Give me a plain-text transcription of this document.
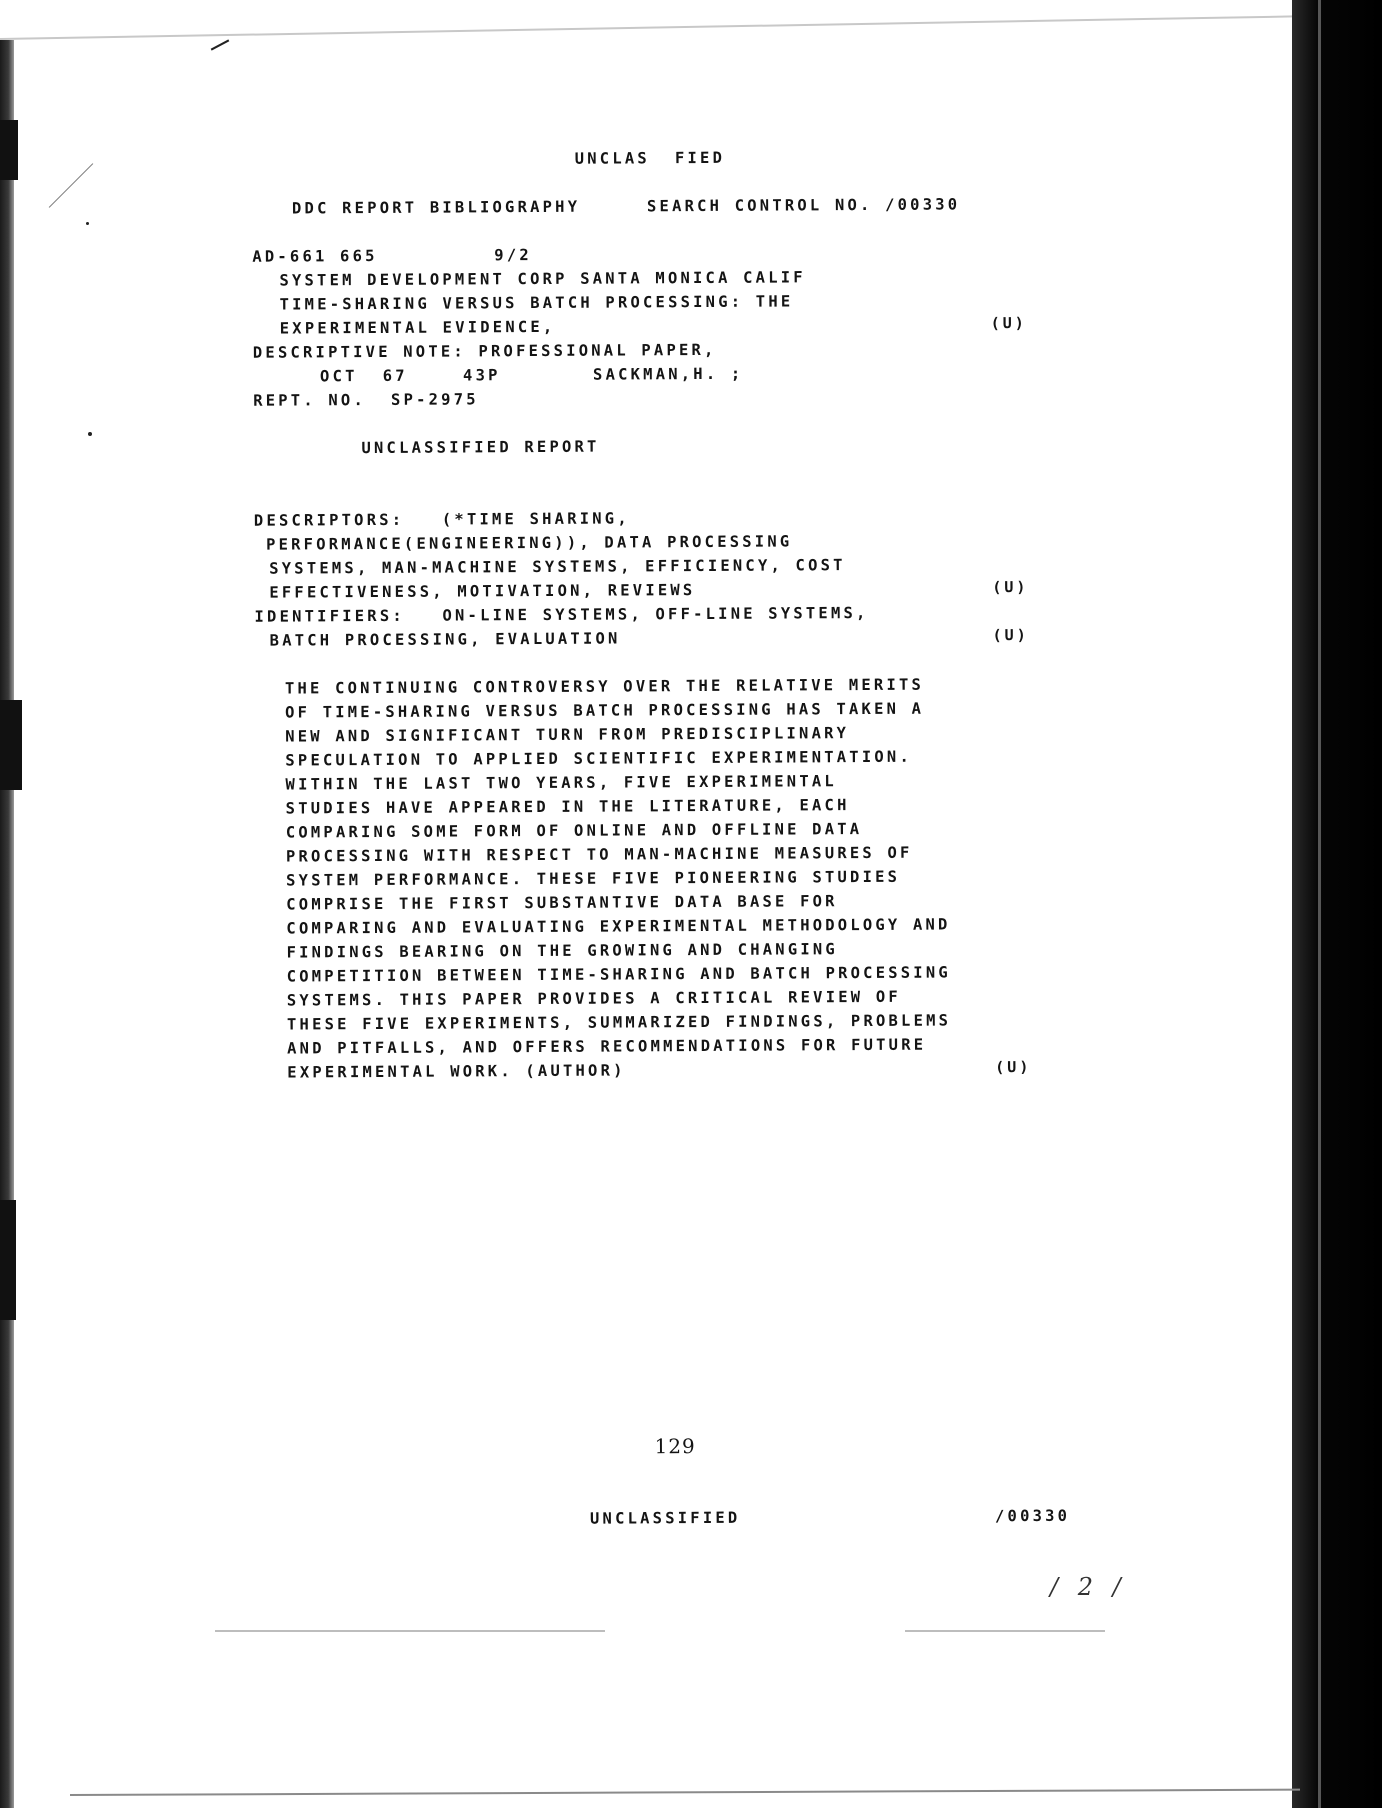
UNCLAS  FIED
DDC REPORT BIBLIOGRAPHY	SEARCH CONTROL NO. /00330
AD-661 665	9/2
SYSTEM DEVELOPMENT CORP SANTA MONICA CALIF
TIME-SHARING VERSUS BATCH PROCESSING: THE
EXPERIMENTAL EVIDENCE,	(U)
DESCRIPTIVE NOTE: PROFESSIONAL PAPER,
OCT  67	43P	SACKMAN,H. ;
REPT. NO.  SP-2975
UNCLASSIFIED REPORT
DESCRIPTORS:   (*TIME SHARING,
PERFORMANCE(ENGINEERING)), DATA PROCESSING
SYSTEMS, MAN-MACHINE SYSTEMS, EFFICIENCY, COST
EFFECTIVENESS, MOTIVATION, REVIEWS	(U)
IDENTIFIERS:   ON-LINE SYSTEMS, OFF-LINE SYSTEMS,
BATCH PROCESSING, EVALUATION	(U)
THE CONTINUING CONTROVERSY OVER THE RELATIVE MERITS
OF TIME-SHARING VERSUS BATCH PROCESSING HAS TAKEN A
NEW AND SIGNIFICANT TURN FROM PREDISCIPLINARY
SPECULATION TO APPLIED SCIENTIFIC EXPERIMENTATION.
WITHIN THE LAST TWO YEARS, FIVE EXPERIMENTAL
STUDIES HAVE APPEARED IN THE LITERATURE, EACH
COMPARING SOME FORM OF ONLINE AND OFFLINE DATA
PROCESSING WITH RESPECT TO MAN-MACHINE MEASURES OF
SYSTEM PERFORMANCE. THESE FIVE PIONEERING STUDIES
COMPRISE THE FIRST SUBSTANTIVE DATA BASE FOR
COMPARING AND EVALUATING EXPERIMENTAL METHODOLOGY AND
FINDINGS BEARING ON THE GROWING AND CHANGING
COMPETITION BETWEEN TIME-SHARING AND BATCH PROCESSING
SYSTEMS. THIS PAPER PROVIDES A CRITICAL REVIEW OF
THESE FIVE EXPERIMENTS, SUMMARIZED FINDINGS, PROBLEMS
AND PITFALLS, AND OFFERS RECOMMENDATIONS FOR FUTURE
EXPERIMENTAL WORK. (AUTHOR)	(U)
129
UNCLASSIFIED	/00330
/ 2 /
